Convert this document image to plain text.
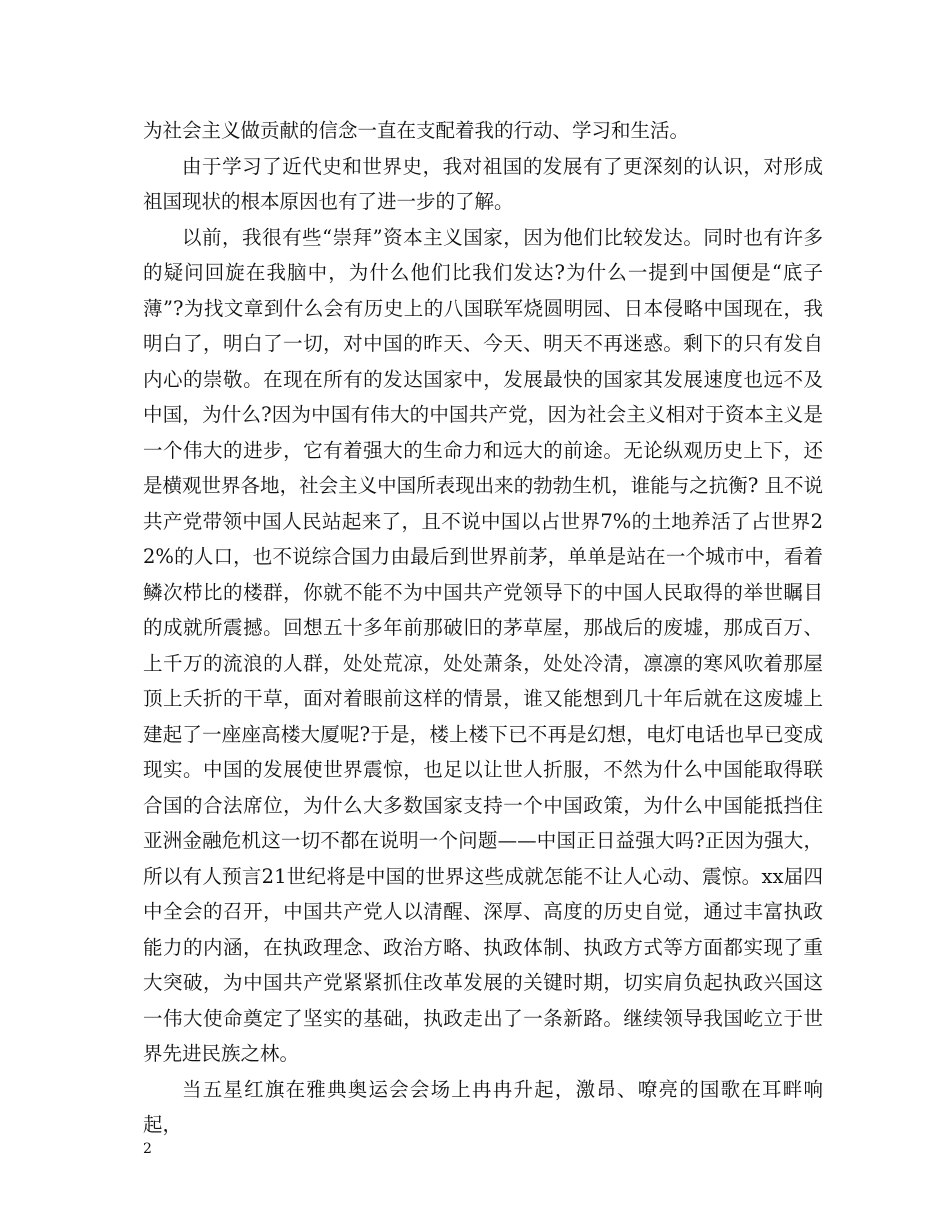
为社会主义做贡献的信念一直在支配着我的行动、学习和生活。

由于学习了近代史和世界史，我对祖国的发展有了更深刻的认识，对形成祖国现状的根本原因也有了进一步的了解。

以前，我很有些“崇拜”资本主义国家，因为他们比较发达。同时也有许多的疑问回旋在我脑中，为什么他们比我们发达?为什么一提到中国便是“底子薄”?为找文章到什么会有历史上的八国联军烧圆明园、日本侵略中国现在，我明白了，明白了一切，对中国的昨天、今天、明天不再迷惑。剩下的只有发自内心的崇敬。在现在所有的发达国家中，发展最快的国家其发展速度也远不及中国，为什么?因为中国有伟大的中国共产党，因为社会主义相对于资本主义是一个伟大的进步，它有着强大的生命力和远大的前途。无论纵观历史上下，还是横观世界各地，社会主义中国所表现出来的勃勃生机，谁能与之抗衡? 且不说共产党带领中国人民站起来了，且不说中国以占世界7%的土地养活了占世界22%的人口，也不说综合国力由最后到世界前茅，单单是站在一个城市中，看着鳞次栉比的楼群，你就不能不为中国共产党领导下的中国人民取得的举世瞩目的成就所震撼。回想五十多年前那破旧的茅草屋，那战后的废墟，那成百万、上千万的流浪的人群，处处荒凉，处处萧条，处处冷清，凛凛的寒风吹着那屋顶上夭折的干草，面对着眼前这样的情景，谁又能想到几十年后就在这废墟上建起了一座座高楼大厦呢?于是，楼上楼下已不再是幻想，电灯电话也早已变成现实。中国的发展使世界震惊，也足以让世人折服，不然为什么中国能取得联合国的合法席位，为什么大多数国家支持一个中国政策，为什么中国能抵挡住亚洲金融危机这一切不都在说明一个问题——中国正日益强大吗?正因为强大，所以有人预言21世纪将是中国的世界这些成就怎能不让人心动、震惊。xx届四中全会的召开，中国共产党人以清醒、深厚、高度的历史自觉，通过丰富执政能力的内涵，在执政理念、政治方略、执政体制、执政方式等方面都实现了重大突破，为中国共产党紧紧抓住改革发展的关键时期，切实肩负起执政兴国这一伟大使命奠定了坚实的基础，执政走出了一条新路。继续领导我国屹立于世界先进民族之林。

当五星红旗在雅典奥运会会场上冉冉升起，激昂、嘹亮的国歌在耳畔响起，

2
